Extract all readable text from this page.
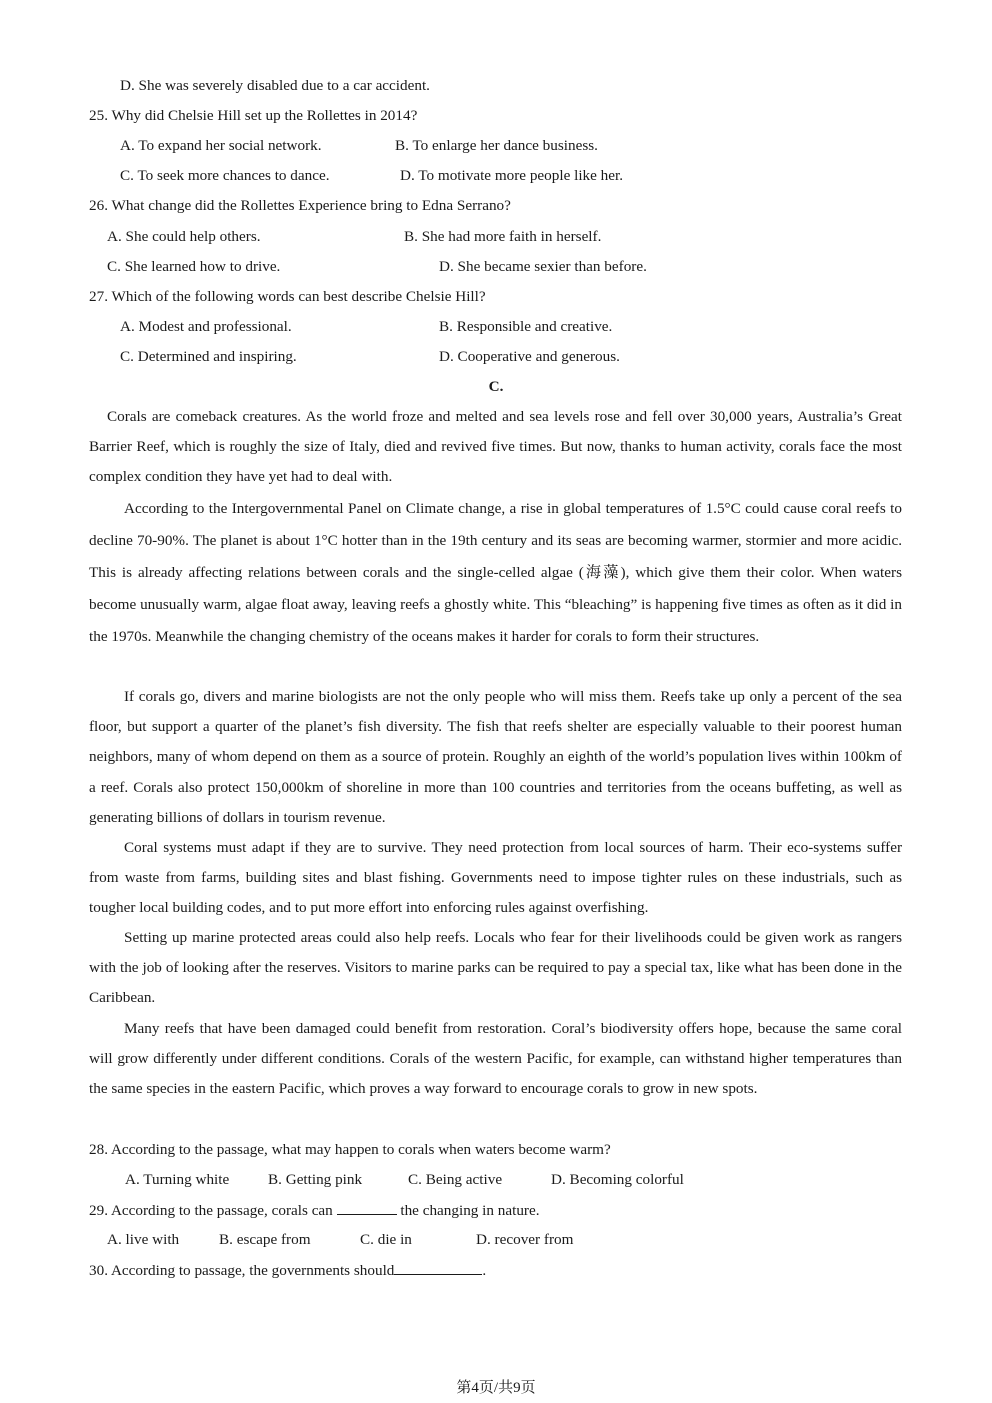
D. She was severely disabled due to a car accident.
25. Why did Chelsie Hill set up the Rollettes in 2014?
A. To expand her social network.	B. To enlarge her dance business.
C. To seek more chances to dance.	D. To motivate more people like her.
26. What change did the Rollettes Experience bring to Edna Serrano?
A. She could help others.	B. She had more faith in herself.
C. She learned how to drive.	D. She became sexier than before.
27. Which of the following words can best describe Chelsie Hill?
A. Modest and professional.	B. Responsible and creative.
C. Determined and inspiring.	D. Cooperative and generous.
C.

Corals are comeback creatures. As the world froze and melted and sea levels rose and fell over 30,000 years, Australia’s Great Barrier Reef, which is roughly the size of Italy, died and revived five times. But now, thanks to human activity, corals face the most complex condition they have yet had to deal with.

According to the Intergovernmental Panel on Climate change, a rise in global temperatures of 1.5°C could cause coral reefs to decline 70-90%. The planet is about 1°C hotter than in the 19th century and its seas are becoming warmer, stormier and more acidic. This is already affecting relations between corals and the single-celled algae (海藻), which give them their color. When waters become unusually warm, algae float away, leaving reefs a ghostly white. This “bleaching” is happening five times as often as it did in the 1970s. Meanwhile the changing chemistry of the oceans makes it harder for corals to form their structures.

If corals go, divers and marine biologists are not the only people who will miss them. Reefs take up only a percent of the sea floor, but support a quarter of the planet’s fish diversity. The fish that reefs shelter are especially valuable to their poorest human neighbors, many of whom depend on them as a source of protein. Roughly an eighth of the world’s population lives within 100km of a reef. Corals also protect 150,000km of shoreline in more than 100 countries and territories from the oceans buffeting, as well as generating billions of dollars in tourism revenue.

Coral systems must adapt if they are to survive. They need protection from local sources of harm. Their eco-systems suffer from waste from farms, building sites and blast fishing. Governments need to impose tighter rules on these industrials, such as tougher local building codes, and to put more effort into enforcing rules against overfishing.

Setting up marine protected areas could also help reefs. Locals who fear for their livelihoods could be given work as rangers with the job of looking after the reserves. Visitors to marine parks can be required to pay a special tax, like what has been done in the Caribbean.

Many reefs that have been damaged could benefit from restoration. Coral’s biodiversity offers hope, because the same coral will grow differently under different conditions. Corals of the western Pacific, for example, can withstand higher temperatures than the same species in the eastern Pacific, which proves a way forward to encourage corals to grow in new spots.

28. According to the passage, what may happen to corals when waters become warm?
A. Turning white	B. Getting pink	C. Being active	D. Becoming colorful
29. According to the passage, corals can	the changing in nature.
A. live with	B. escape from	C. die in	D. recover from
30. According to passage, the governments should	.
第4页/共9页
